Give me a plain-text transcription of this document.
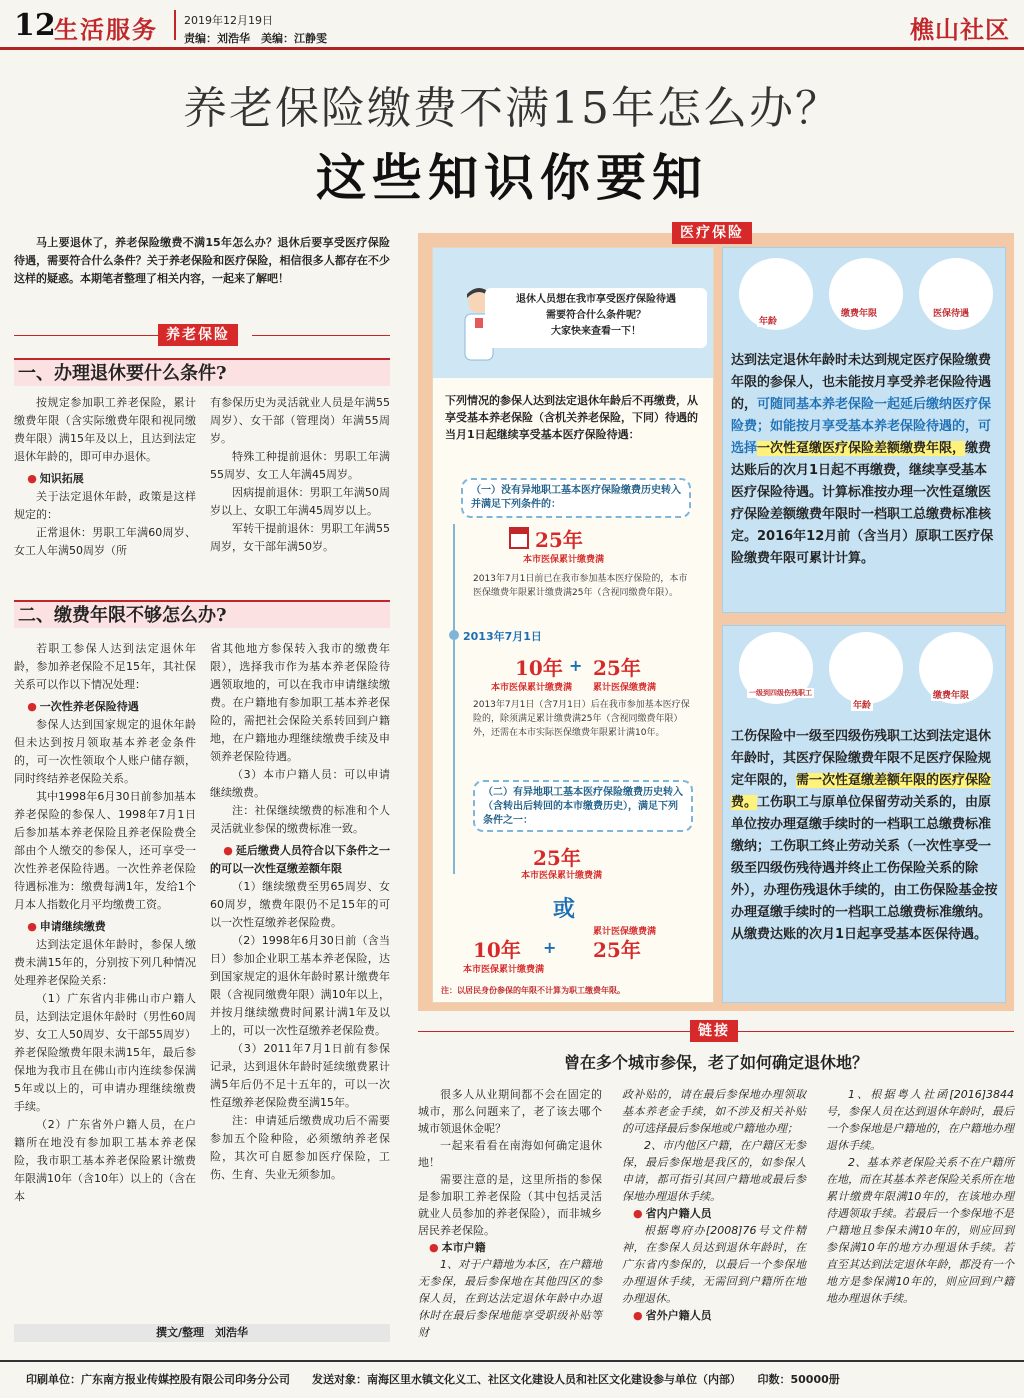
12
生活服务 2019年12月19日
责编：刘浩华　美编：江静雯	樵山社区
养老保险缴费不满15年怎么办？
这些知识你要知
马上要退休了，养老保险缴费不满15年怎么办？退休后要享受医疗保险待遇，需要符合什么条件？关于养老保险和医疗保险，相信很多人都存在不少这样的疑惑。本期笔者整理了相关内容，一起来了解吧！
养老保险
一、办理退休要什么条件?

按规定参加职工养老保险，累计缴费年限（含实际缴费年限和视同缴费年限）满15年及以上，且达到法定退休年龄的，即可申办退休。

● 知识拓展

关于法定退休年龄，政策是这样规定的：

正常退休：男职工年满60周岁、女工人年满50周岁（所

有参保历史为灵活就业人员是年满55周岁）、女干部（管理岗）年满55周岁。

特殊工种提前退休：男职工年满55周岁、女工人年满45周岁。

因病提前退休：男职工年满50周岁以上、女职工年满45周岁以上。

军转干提前退休：男职工年满55周岁，女干部年满50岁。

二、缴费年限不够怎么办?

若职工参保人达到法定退休年龄，参加养老保险不足15年，其社保关系可以作以下情况处理：

● 一次性养老保险待遇

参保人达到国家规定的退休年龄但未达到按月领取基本养老金条件的，可一次性领取个人账户储存额，同时终结养老保险关系。

其中1998年6月30日前参加基本养老保险的参保人、1998年7月1日后参加基本养老保险且养老保险费全部由个人缴交的参保人，还可享受一次性养老保险待遇。一次性养老保险待遇标准为：缴费每满1年，发给1个月本人指数化月平均缴费工资。

● 申请继续缴费

达到法定退休年龄时，参保人缴费未满15年的，分别按下列几种情况处理养老保险关系：

（1）广东省内非佛山市户籍人员，达到法定退休年龄时（男性60周岁、女工人50周岁、女干部55周岁）养老保险缴费年限未满15年，最后参保地为我市且在佛山市内连续参保满5年或以上的，可申请办理继续缴费手续。

（2）广东省外户籍人员，在户籍所在地没有参加职工基本养老保险，我市职工基本养老保险累计缴费年限满10年（含10年）以上的（含在本

省其他地方参保转入我市的缴费年限），选择我市作为基本养老保险待遇领取地的，可以在我市申请继续缴费。在户籍地有参加职工基本养老保险的，需把社会保险关系转回到户籍地，在户籍地办理继续缴费手续及申领养老保险待遇。

（3）本市户籍人员：可以申请继续缴费。

注：社保继续缴费的标准和个人灵活就业参保的缴费标准一致。

● 延后缴费人员符合以下条件之一的可以一次性趸缴差额年限

（1）继续缴费至男65周岁、女60周岁，缴费年限仍不足15年的可以一次性趸缴养老保险费。

（2）1998年6月30日前（含当日）参加企业职工基本养老保险，达到国家规定的退休年龄时累计缴费年限（含视同缴费年限）满10年以上，并按月继续缴费时间累计满1年及以上的，可以一次性趸缴养老保险费。

（3）2011年7月1日前有参保记录，达到退休年龄时延续缴费累计满5年后仍不足十五年的，可以一次性趸缴养老保险费至满15年。

注：申请延后缴费成功后不需要参加五个险种险，必须缴纳养老保险，其次可自愿参加医疗保险，工伤、生育、失业无须参加。

撰文/整理　刘浩华
医疗保险
退休人员想在我市享受医疗保险待遇
需要符合什么条件呢？
大家快来查看一下！
下列情况的参保人达到法定退休年龄后不再缴费，从享受基本养老保险（含机关养老保险，下同）待遇的当月1日起继续享受基本医疗保险待遇：
（一）没有异地职工基本医疗保险缴费历史转入并满足下列条件的：
25年
本市医保累计缴费满
2013年7月1日前已在我市参加基本医疗保险的，本市医保缴费年限累计缴费满25年（含视同缴费年限）。
2013年7月1日
10年 + 25年
累计医保缴费满
本市医保累计缴费满
2013年7月1日（含7月1日）后在我市参加基本医疗保险的，除须满足累计缴费满25年（含视同缴费年限）外，还需在本市实际医保缴费年限累计满10年。
（二）有异地职工基本医疗保险缴费历史转入（含转出后转回的本市缴费历史），满足下列条件之一：
25年
本市医保累计缴费满
或
10年 + 25年
本市医保累计缴费满
累计医保缴费满
注：以居民身份参保的年限不计算为职工缴费年限。
年龄
缴费年限	医保待遇
达到法定退休年龄时未达到规定医疗保险缴费年限的参保人，也未能按月享受养老保险待遇的，可随同基本养老保险一起延后缴纳医疗保险费；如能按月享受基本养老保险待遇的，可选择一次性趸缴医疗保险差额缴费年限，缴费达账后的次月1日起不再缴费，继续享受基本医疗保险待遇。计算标准按办理一次性趸缴医疗保险差额缴费年限时一档职工总缴费标准核定。2016年12月前（含当月）原职工医疗保险缴费年限可累计计算。
一级到四级伤残职工
年龄
缴费年限
工伤保险中一级至四级伤残职工达到法定退休年龄时，其医疗保险缴费年限不足医疗保险规定年限的，需一次性趸缴差额年限的医疗保险费。工伤职工与原单位保留劳动关系的，由原单位按办理趸缴手续时的一档职工总缴费标准缴纳；工伤职工终止劳动关系（一次性享受一级至四级伤残待遇并终止工伤保险关系的除外），办理伤残退休手续的，由工伤保险基金按办理趸缴手续时的一档职工总缴费标准缴纳。从缴费达账的次月1日起享受基本医保待遇。
链接
曾在多个城市参保，老了如何确定退休地？

很多人从业期间都不会在固定的城市，那么问题来了，老了该去哪个城市领退休金呢？

一起来看看在南海如何确定退休地！

需要注意的是，这里所指的参保是参加职工养老保险（其中包括灵活就业人员参加的养老保险），而非城乡居民养老保险。

● 本市户籍

1、对于户籍地为本区，在户籍地无参保，最后参保地在其他四区的参保人员，在到达法定退休年龄中办退休时在最后参保地能享受职级补贴等财

政补贴的，请在最后参保地办理领取基本养老金手续，如不涉及相关补贴的可选择最后参保地或户籍地办理；

2、市内他区户籍，在户籍区无参保，最后参保地是我区的，如参保人申请，都可指引其回户籍地或最后参保地办理退休手续。

● 省内户籍人员

根据粤府办[2008]76号文件精神，在参保人员达到退休年龄时，在广东省内参保的，以最后一个参保地办理退休手续，无需回到户籍所在地办理退休。

● 省外户籍人员

1、根据粤人社函[2016]3844号，参保人员在达到退休年龄时，最后一个参保地是户籍地的，在户籍地办理退休手续。

2、基本养老保险关系不在户籍所在地，而在其基本养老保险关系所在地累计缴费年限满10年的，在该地办理待遇领取手续。若最后一个参保地不是户籍地且参保未满10年的，则应回到参保满10年的地方办理退休手续。若直至其达到法定退休年龄，都没有一个地方是参保满10年的，则应回到户籍地办理退休手续。

印刷单位：广东南方报业传媒控股有限公司印务分公司　　发送对象：南海区里水镇文化义工、社区文化建设人员和社区文化建设参与单位（内部）　　印数：50000册
